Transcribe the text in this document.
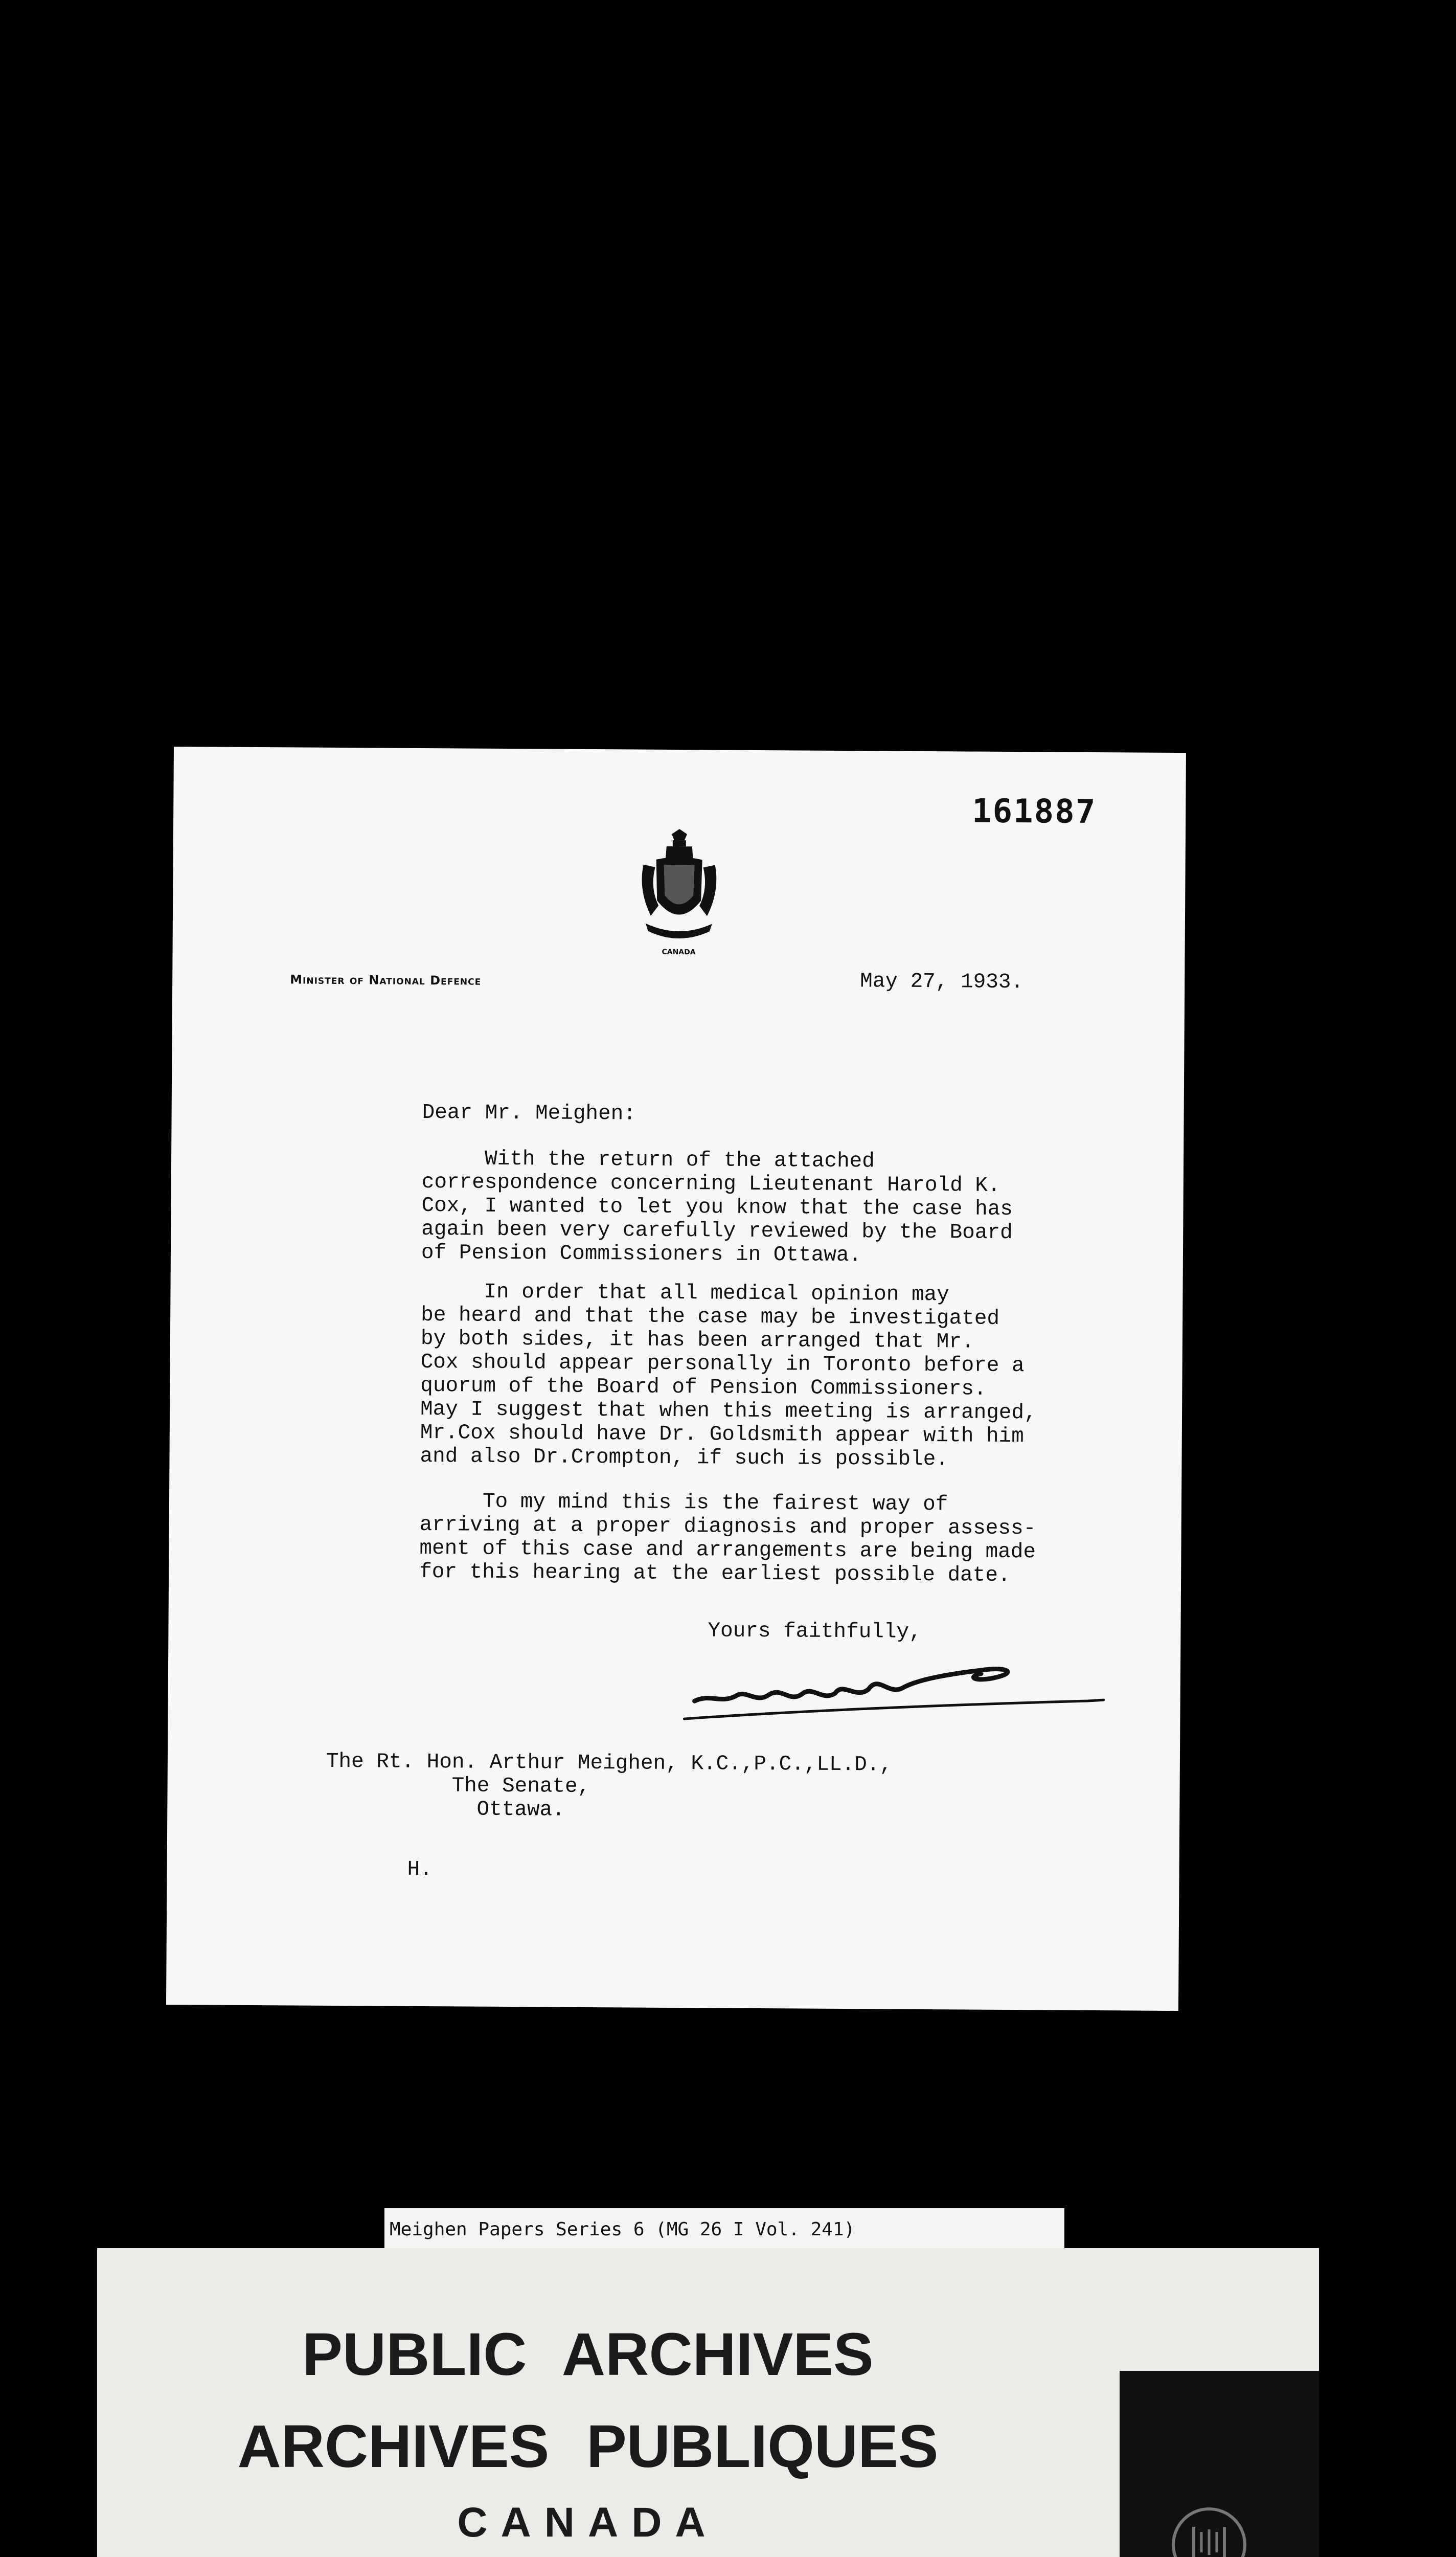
161887
CANADA
Minister of National Defence	May 27, 1933.
Dear Mr. Meighen:
With the return of the attached
correspondence concerning Lieutenant Harold K.
Cox, I wanted to let you know that the case has
again been very carefully reviewed by the Board
of Pension Commissioners in Ottawa.
In order that all medical opinion may
be heard and that the case may be investigated
by both sides, it has been arranged that Mr.
Cox should appear personally in Toronto before a
quorum of the Board of Pension Commissioners.
May I suggest that when this meeting is arranged,
Mr.Cox should have Dr. Goldsmith appear with him
and also Dr.Crompton, if such is possible.
To my mind this is the fairest way of
arriving at a proper diagnosis and proper assess-
ment of this case and arrangements are being made
for this hearing at the earliest possible date.
Yours faithfully,
The Rt. Hon. Arthur Meighen, K.C.,P.C.,LL.D.,
The Senate,
Ottawa.
H.
Meighen Papers Series 6 (MG 26 I Vol. 241)
PUBLIC ARCHIVES
ARCHIVES PUBLIQUES
CANADA
